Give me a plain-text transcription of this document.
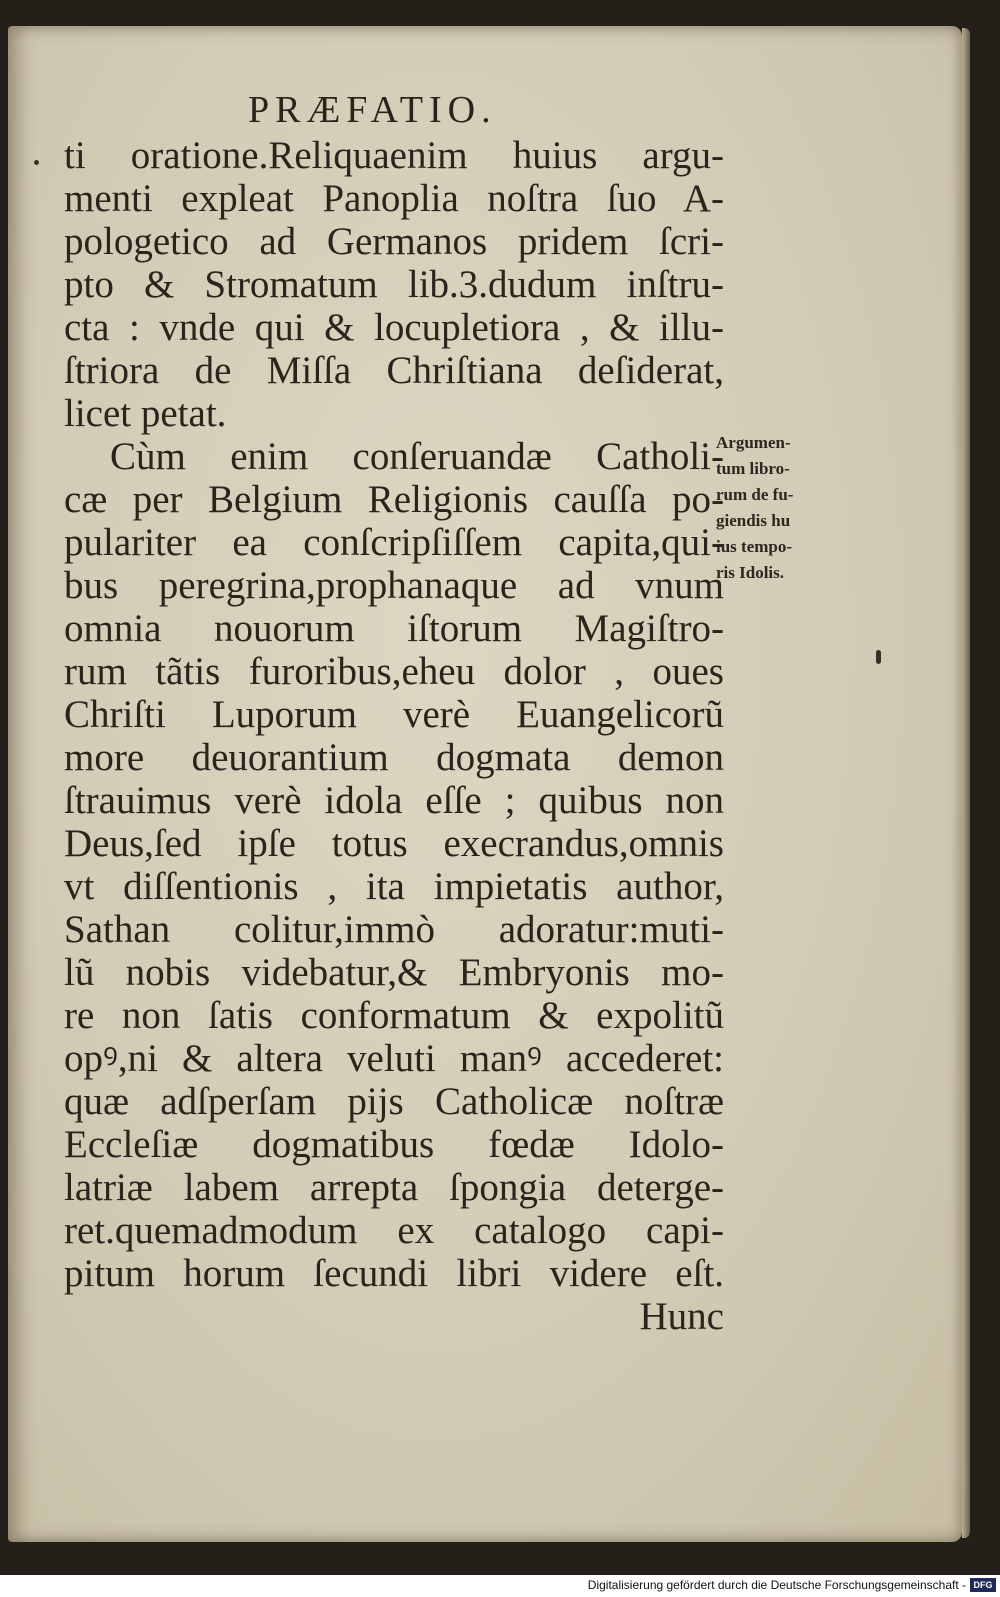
PRÆFATIO.
ti oratione.Reliquaenim huius argu-
menti expleat Panoplia noſtra ſuo A-
pologetico ad Germanos pridem ſcri-
pto & Stromatum lib.3.dudum inſtru-
cta : vnde qui & locupletiora , & illu-
ſtriora de Miſſa Chriſtiana deſiderat,
licet petat.
Cùm enim conſeruandæ Catholi-
cæ per Belgium Religionis cauſſa po-
pulariter ea conſcripſiſſem capita,qui-
bus peregrina,prophanaque ad vnum
omnia nouorum iſtorum Magiſtro-
rum tãtis furoribus,eheu dolor , oues
Chriſti Luporum verè Euangelicorũ
more deuorantium dogmata demon
ſtrauimus verè idola eſſe ; quibus non
Deus,ſed ipſe totus execrandus,omnis
vt diſſentionis , ita impietatis author,
Sathan colitur,immò adoratur:muti-
lũ nobis videbatur,& Embryonis mo-
re non ſatis conformatum & expolitũ
opꝰ,ni & altera veluti manꝰ accederet:
quæ adſperſam pijs Catholicæ noſtræ
Eccleſiæ dogmatibus fœdæ Idolo-
latriæ labem arrepta ſpongia deterge-
ret.quemadmodum ex catalogo capi-
pitum horum ſecundi libri videre eſt.
Hunc
Argumen-
tum libro-
rum de fu-
giendis hu
ius tempo-
ris Idolis.
Digitalisierung gefördert durch die Deutsche Forschungsgemeinschaft - DFG
